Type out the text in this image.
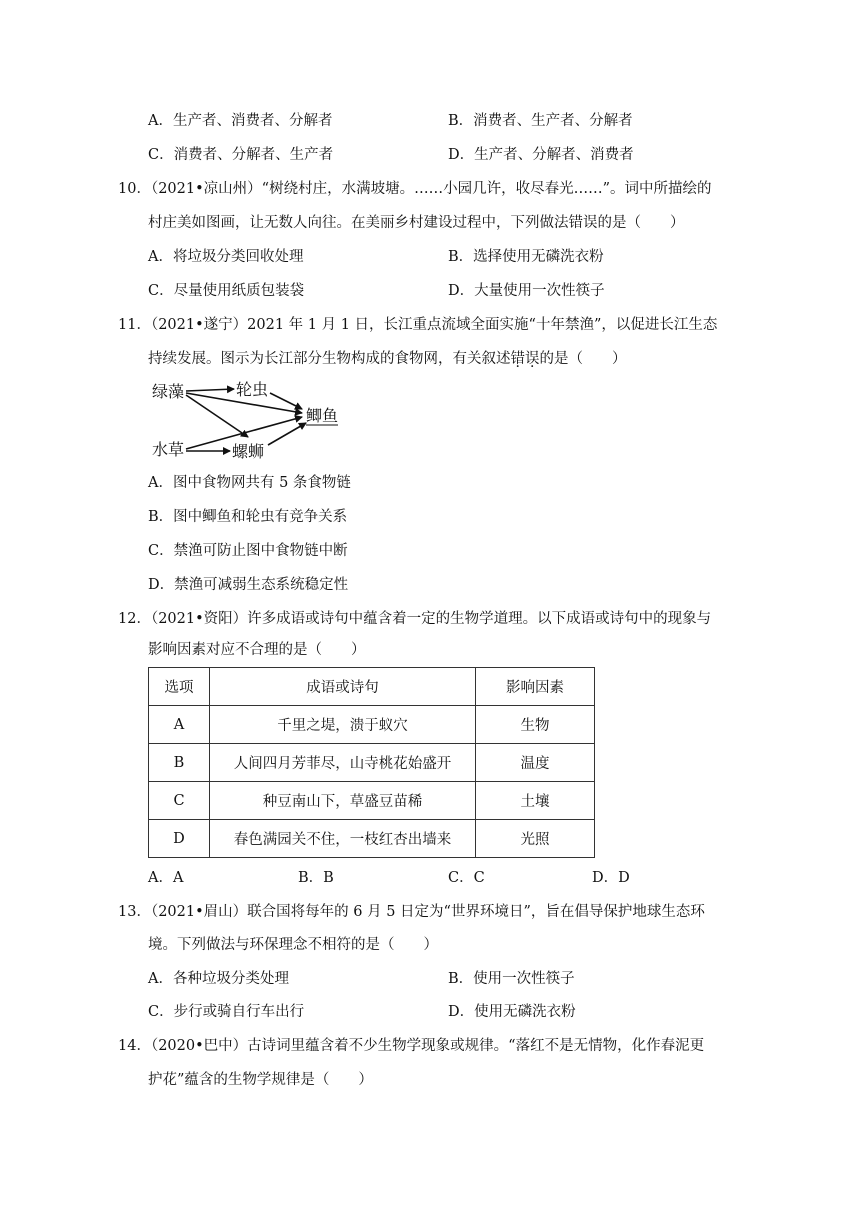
A．生产者、消费者、分解者	B．消费者、生产者、分解者
C．消费者、分解者、生产者	D．生产者、分解者、消费者
10．（2021•凉山州）“树绕村庄，水满坡塘。……小园几许，收尽春光……”。词中所描绘的
村庄美如图画，让无数人向往。在美丽乡村建设过程中，下列做法错误的是（　　）
A．将垃圾分类回收处理	B．选择使用无磷洗衣粉
C．尽量使用纸质包装袋	D．大量使用一次性筷子
11．（2021•遂宁）2021 年 1 月 1 日，长江重点流域全面实施“十年禁渔”，以促进长江生态
持续发展。图示为长江部分生物构成的食物网，有关叙述错误的是（　　）
绿藻	轮虫
鲫鱼
水草	螺蛳
A．图中食物网共有 5 条食物链
B．图中鲫鱼和轮虫有竞争关系
C．禁渔可防止图中食物链中断
D．禁渔可减弱生态系统稳定性
12．（2021•资阳）许多成语或诗句中蕴含着一定的生物学道理。以下成语或诗句中的现象与
影响因素对应不合理的是（　　）
选项	成语或诗句	影响因素
A	千里之堤，溃于蚁穴	生物
B	人间四月芳菲尽，山寺桃花始盛开	温度
C	种豆南山下，草盛豆苗稀	土壤
D	春色满园关不住，一枝红杏出墙来	光照
A．A	B．B	C．C	D．D
13．（2021•眉山）联合国将每年的 6 月 5 日定为“世界环境日”，旨在倡导保护地球生态环
境。下列做法与环保理念不相符的是（　　）
A．各种垃圾分类处理	B．使用一次性筷子
C．步行或骑自行车出行	D．使用无磷洗衣粉
14．（2020•巴中）古诗词里蕴含着不少生物学现象或规律。“落红不是无情物，化作春泥更
护花”蕴含的生物学规律是（　　）
